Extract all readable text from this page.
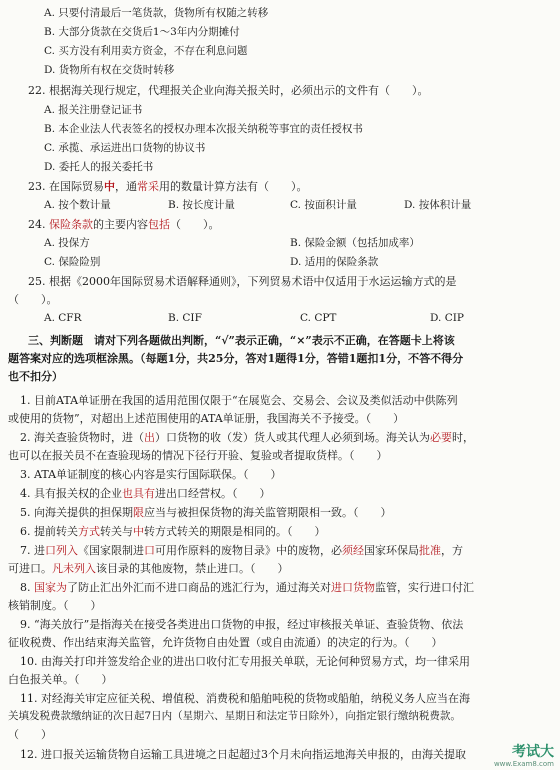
A. 只要付清最后一笔货款，货物所有权随之转移
B. 大部分货款在交货后1～3年内分期摊付
C. 买方没有利用卖方资金，不存在利息问题
D. 货物所有权在交货时转移
22. 根据海关现行规定，代理报关企业向海关报关时，必须出示的文件有（　　）。
A. 报关注册登记证书
B. 本企业法人代表签名的授权办理本次报关纳税等事宜的责任授权书
C. 承揽、承运进出口货物的协议书
D. 委托人的报关委托书
23. 在国际贸易中，通常采用的数量计算方法有（　　）。
A. 按个数计量	B. 按长度计量	C. 按面积计量	D. 按体积计量
24. 保险条款的主要内容包括（　　）。
A. 投保方	B. 保险金额（包括加成率）
C. 保险险别	D. 适用的保险条款
25. 根据《2000年国际贸易术语解释通则》，下列贸易术语中仅适用于水运运输方式的是
（　　）。
A. CFR	B. CIF	C. CPT	D. CIP
三、判断题　请对下列各题做出判断，“√”表示正确，“×”表示不正确，在答题卡上将该
题答案对应的选项框涂黑。（每题1分，共25分，答对1题得1分，答错1题扣1分，不答不得分
也不扣分）
1. 目前ATA单证册在我国的适用范围仅限于“在展览会、交易会、会议及类似活动中供陈列
或使用的货物”，对超出上述范围使用的ATA单证册，我国海关不予接受。（　　）
2. 海关查验货物时，进（出）口货物的收（发）货人或其代理人必须到场。海关认为必要时，
也可以在报关员不在查验现场的情况下径行开验、复验或者提取货样。（　　）
3. ATA单证制度的核心内容是实行国际联保。（　　）
4. 具有报关权的企业也具有进出口经营权。（　　）
5. 向海关提供的担保期限应当与被担保货物的海关监管期限相一致。（　　）
6. 提前转关方式转关与中转方式转关的期限是相同的。（　　）
7. 进口列入《国家限制进口可用作原料的废物目录》中的废物，必须经国家环保局批准，方
可进口。凡未列入该目录的其他废物，禁止进口。（　　）
8. 国家为了防止汇出外汇而不进口商品的逃汇行为，通过海关对进口货物监管，实行进口付汇
核销制度。（　　）
9. “海关放行”是指海关在接受各类进出口货物的申报，经过审核报关单证、查验货物、依法
征收税费、作出结束海关监管，允许货物自由处置（或自由流通）的决定的行为。（　　）
10. 由海关打印并签发给企业的进出口收付汇专用报关单联，无论何种贸易方式，均一律采用
白色报关单。（　　）
11. 对经海关审定应征关税、增值税、消费税和船舶吨税的货物或船舶，纳税义务人应当在海
关填发税费款缴纳证的次日起7日内（星期六、星期日和法定节日除外），向指定银行缴纳税费款。
（　　）
12. 进口报关运输货物自运输工具进境之日起超过3个月未向指运地海关申报的，由海关提取	考试大
www.Exam8.com
